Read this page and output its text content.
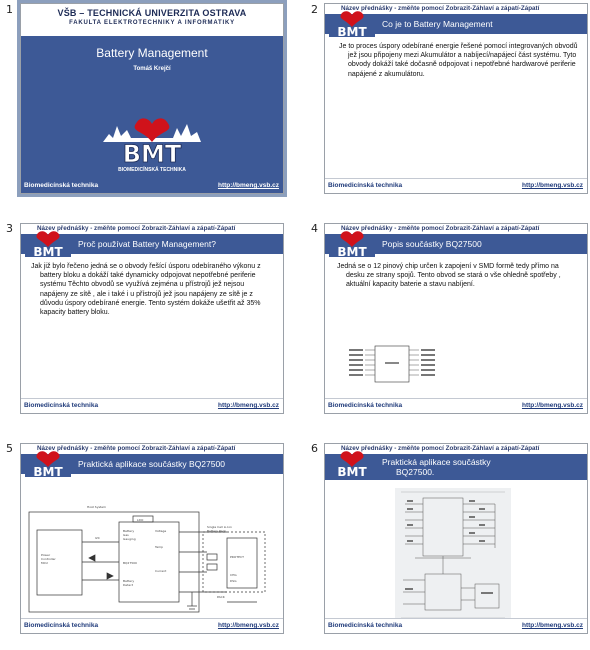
1	2
3	4
5	6
VŠB – TECHNICKÁ UNIVERZITA OSTRAVA
FAKULTA ELEKTROTECHNIKY A INFORMATIKY
Battery Management
Tomáš Krejčí
BMT
BIOMEDICÍNSKÁ TECHNIKA
Biomedicínská technika	http://bmeng.vsb.cz
Název přednášky - změňte pomocí Zobrazit-Záhlaví a zápatí-Zápatí
Co je to Battery Management
BMT

Je to proces úspory odebírané energie řešené pomocí integrovaných obvodů jež jsou připojeny mezi Akumulátor a nabíjecí/napájecí část systému. Tyto obvody dokáží také dočasně odpojovat i nepotřebné hardwarové periferie napájené z akumulátoru.

Biomedicínská technika	http://bmeng.vsb.cz
Název přednášky - změňte pomocí Zobrazit-Záhlaví a zápatí-Zápatí
Proč používat Battery Management?
BMT

Jak již bylo řečeno jedná se o obvody řešící úsporu odebíraného výkonu z battery bloku a dokáží také dynamicky odpojovat nepotřebné periferie systému Těchto obvodů se využívá zejména u přístrojů jež nejsou napájeny ze sítě , ale i také i u přístrojů jež jsou napájeny ze sítě je z důvodu úspory odebírané energie. Tento systém dokáže ušetřit až 35% kapacity battery bloku.

Biomedicínská technika	http://bmeng.vsb.cz
Název přednášky - změňte pomocí Zobrazit-Záhlaví a zápatí-Zápatí
Popis součástky BQ27500
BMT

Jedná se o 12 pinový chip určen k zapojení v SMD formě tedy přímo na desku ze strany spojů. Tento obvod se stará o vše ohledně spotřeby , aktuální kapacity baterie a stavu nabíjení.

Biomedicínská technika	http://bmeng.vsb.cz
Název přednášky - změňte pomocí Zobrazit-Záhlaví a zápatí-Zápatí
Praktická aplikace součástky BQ27500
BMT
Host System
Power
Controller
MCU
Battery
Gas
Gauging
BQ27500
Battery
Detect
Voltage
Temp
Current
Single Cell Li-Ion
Battery Pack
PROTECT
CHG
DSG
LDO
I2C
PACK
Biomedicínská technika	http://bmeng.vsb.cz
Název přednášky - změňte pomocí Zobrazit-Záhlaví a zápatí-Zápatí
Praktická aplikace součástky
BQ27500.
BMT
Biomedicínská technika	http://bmeng.vsb.cz
